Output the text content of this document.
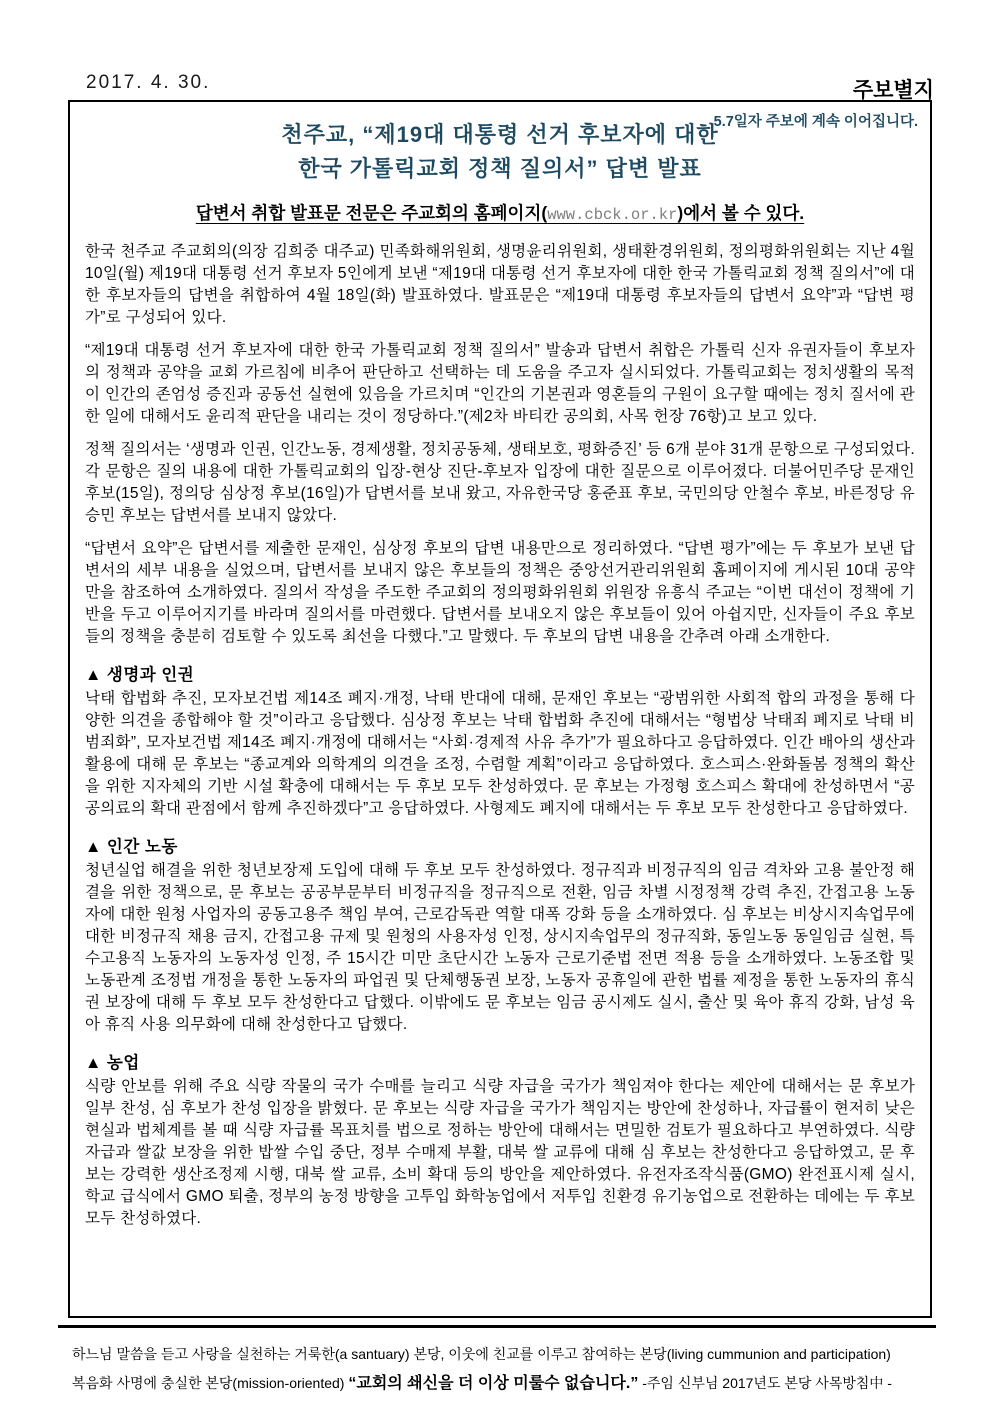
2017. 4. 30.	주보별지
5.7일자 주보에 계속 이어집니다.
천주교, “제19대 대통령 선거 후보자에 대한
한국 가톨릭교회 정책 질의서” 답변 발표
답변서 취합 발표문 전문은 주교회의 홈페이지(www.cbck.or.kr)에서 볼 수 있다.
한국 천주교 주교회의(의장 김희중 대주교) 민족화해위원회, 생명윤리위원회, 생태환경위원회, 정의평화위원회는 지난 4월 10일(월) 제19대 대통령 선거 후보자 5인에게 보낸 “제19대 대통령 선거 후보자에 대한 한국 가톨릭교회 정책 질의서”에 대한 후보자들의 답변을 취합하여 4월 18일(화) 발표하였다. 발표문은 “제19대 대통령 후보자들의 답변서 요약”과 “답변 평가”로 구성되어 있다.
“제19대 대통령 선거 후보자에 대한 한국 가톨릭교회 정책 질의서” 발송과 답변서 취합은 가톨릭 신자 유권자들이 후보자의 정책과 공약을 교회 가르침에 비추어 판단하고 선택하는 데 도움을 주고자 실시되었다. 가톨릭교회는 정치생활의 목적이 인간의 존엄성 증진과 공동선 실현에 있음을 가르치며 “인간의 기본권과 영혼들의 구원이 요구할 때에는 정치 질서에 관한 일에 대해서도 윤리적 판단을 내리는 것이 정당하다.”(제2차 바티칸 공의회, 사목 헌장 76항)고 보고 있다.
정책 질의서는 ‘생명과 인권, 인간노동, 경제생활, 정치공동체, 생태보호, 평화증진’ 등 6개 분야 31개 문항으로 구성되었다. 각 문항은 질의 내용에 대한 가톨릭교회의 입장-현상 진단-후보자 입장에 대한 질문으로 이루어졌다. 더불어민주당 문재인 후보(15일), 정의당 심상정 후보(16일)가 답변서를 보내 왔고, 자유한국당 홍준표 후보, 국민의당 안철수 후보, 바른정당 유승민 후보는 답변서를 보내지 않았다.
“답변서 요약”은 답변서를 제출한 문재인, 심상정 후보의 답변 내용만으로 정리하였다. “답변 평가”에는 두 후보가 보낸 답변서의 세부 내용을 실었으며, 답변서를 보내지 않은 후보들의 정책은 중앙선거관리위원회 홈페이지에 게시된 10대 공약만을 참조하여 소개하였다. 질의서 작성을 주도한 주교회의 정의평화위원회 위원장 유흥식 주교는 “이번 대선이 정책에 기반을 두고 이루어지기를 바라며 질의서를 마련했다. 답변서를 보내오지 않은 후보들이 있어 아쉽지만, 신자들이 주요 후보들의 정책을 충분히 검토할 수 있도록 최선을 다했다.”고 말했다. 두 후보의 답변 내용을 간추려 아래 소개한다.
▲ 생명과 인권
낙태 합법화 추진, 모자보건법 제14조 폐지·개정, 낙태 반대에 대해, 문재인 후보는 “광범위한 사회적 합의 과정을 통해 다양한 의견을 종합해야 할 것”이라고 응답했다. 심상정 후보는 낙태 합법화 추진에 대해서는 “형법상 낙태죄 폐지로 낙태 비범죄화”, 모자보건법 제14조 폐지·개정에 대해서는 “사회·경제적 사유 추가”가 필요하다고 응답하였다. 인간 배아의 생산과 활용에 대해 문 후보는 “종교계와 의학계의 의견을 조정, 수렴할 계획”이라고 응답하였다. 호스피스·완화돌봄 정책의 확산을 위한 지자체의 기반 시설 확충에 대해서는 두 후보 모두 찬성하였다. 문 후보는 가정형 호스피스 확대에 찬성하면서 “공공의료의 확대 관점에서 함께 추진하겠다”고 응답하였다. 사형제도 폐지에 대해서는 두 후보 모두 찬성한다고 응답하였다.
▲ 인간 노동
청년실업 해결을 위한 청년보장제 도입에 대해 두 후보 모두 찬성하였다. 정규직과 비정규직의 임금 격차와 고용 불안정 해결을 위한 정책으로, 문 후보는 공공부문부터 비정규직을 정규직으로 전환, 임금 차별 시정정책 강력 추진, 간접고용 노동자에 대한 원청 사업자의 공동고용주 책임 부여, 근로감독관 역할 대폭 강화 등을 소개하였다. 심 후보는 비상시지속업무에 대한 비정규직 채용 금지, 간접고용 규제 및 원청의 사용자성 인정, 상시지속업무의 정규직화, 동일노동 동일임금 실현, 특수고용직 노동자의 노동자성 인정, 주 15시간 미만 초단시간 노동자 근로기준법 전면 적용 등을 소개하였다. 노동조합 및 노동관계 조정법 개정을 통한 노동자의 파업권 및 단체행동권 보장, 노동자 공휴일에 관한 법률 제정을 통한 노동자의 휴식권 보장에 대해 두 후보 모두 찬성한다고 답했다. 이밖에도 문 후보는 임금 공시제도 실시, 출산 및 육아 휴직 강화, 남성 육아 휴직 사용 의무화에 대해 찬성한다고 답했다.
▲ 농업
식량 안보를 위해 주요 식량 작물의 국가 수매를 늘리고 식량 자급을 국가가 책임져야 한다는 제안에 대해서는 문 후보가 일부 찬성, 심 후보가 찬성 입장을 밝혔다. 문 후보는 식량 자급을 국가가 책임지는 방안에 찬성하나, 자급률이 현저히 낮은 현실과 법체계를 볼 때 식량 자급률 목표치를 법으로 정하는 방안에 대해서는 면밀한 검토가 필요하다고 부연하였다. 식량 자급과 쌀값 보장을 위한 밥쌀 수입 중단, 정부 수매제 부활, 대북 쌀 교류에 대해 심 후보는 찬성한다고 응답하였고, 문 후보는 강력한 생산조정제 시행, 대북 쌀 교류, 소비 확대 등의 방안을 제안하였다. 유전자조작식품(GMO) 완전표시제 실시, 학교 급식에서 GMO 퇴출, 정부의 농정 방향을 고투입 화학농업에서 저투입 친환경 유기농업으로 전환하는 데에는 두 후보 모두 찬성하였다.
하느님 말씀을 듣고 사랑을 실천하는 거룩한(a santuary) 본당, 이웃에 친교를 이루고 참여하는 본당(living cummunion and participation)
복음화 사명에 충실한 본당(mission-oriented) “교회의 쇄신을 더 이상 미룰수 없습니다.” -주임 신부님 2017년도 본당 사목방침中 -
